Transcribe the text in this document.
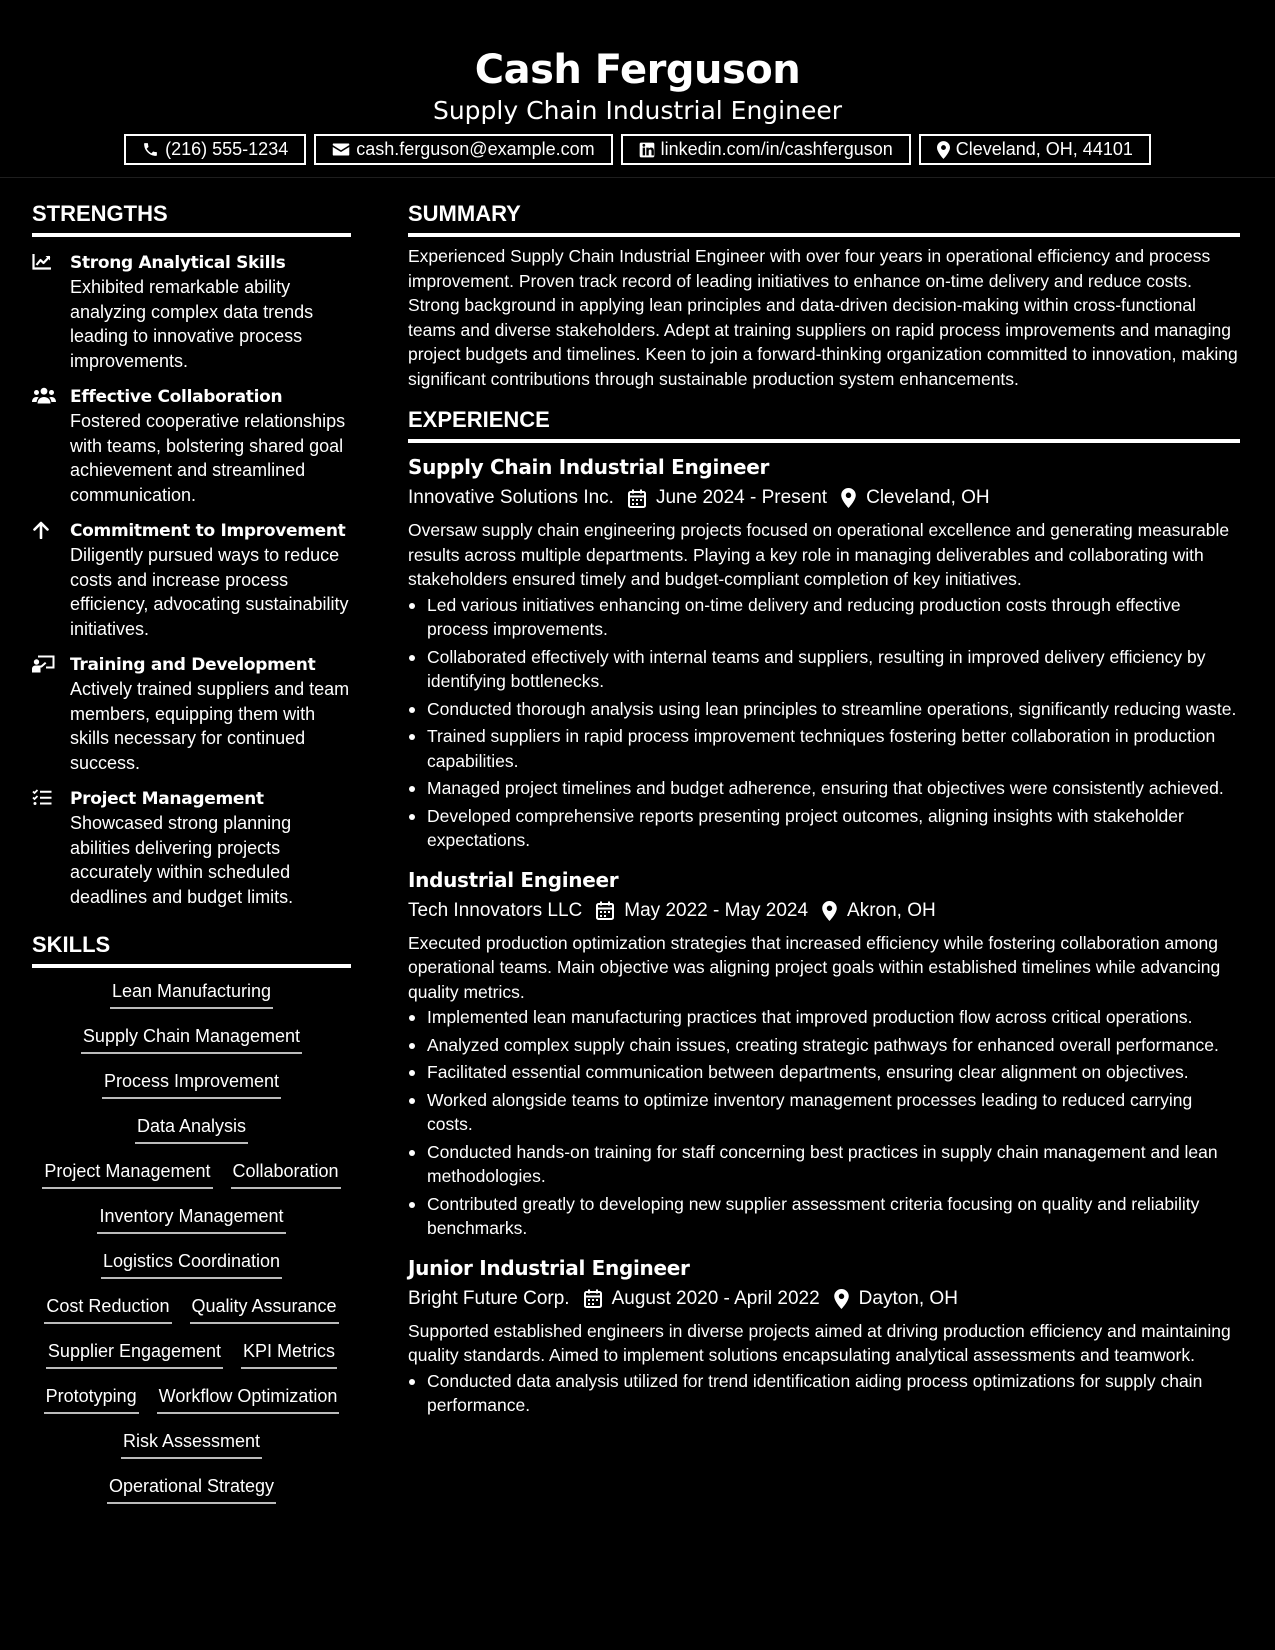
Cash Ferguson
Supply Chain Industrial Engineer
(216) 555-1234	cash.ferguson@example.com	linkedin.com/in/cashferguson	Cleveland, OH, 44101
STRENGTHS
Strong Analytical Skills
Exhibited remarkable ability analyzing complex data trends leading to innovative process improvements.
Effective Collaboration
Fostered cooperative relationships with teams, bolstering shared goal achievement and streamlined communication.
Commitment to Improvement
Diligently pursued ways to reduce costs and increase process efficiency, advocating sustainability initiatives.
Training and Development
Actively trained suppliers and team members, equipping them with skills necessary for continued success.
Project Management
Showcased strong planning abilities delivering projects accurately within scheduled deadlines and budget limits.
SKILLS
Lean Manufacturing
Supply Chain Management
Process Improvement
Data Analysis
Project Management Collaboration
Inventory Management
Logistics Coordination
Cost Reduction Quality Assurance
Supplier Engagement KPI Metrics
Prototyping Workflow Optimization
Risk Assessment
Operational Strategy
SUMMARY
Experienced Supply Chain Industrial Engineer with over four years in operational efficiency and process improvement. Proven track record of leading initiatives to enhance on-time delivery and reduce costs. Strong background in applying lean principles and data-driven decision-making within cross-functional teams and diverse stakeholders. Adept at training suppliers on rapid process improvements and managing project budgets and timelines. Keen to join a forward-thinking organization committed to innovation, making significant contributions through sustainable production system enhancements.
EXPERIENCE
Supply Chain Industrial Engineer
Innovative Solutions Inc. June 2024 - Present Cleveland, OH
Oversaw supply chain engineering projects focused on operational excellence and generating measurable results across multiple departments. Playing a key role in managing deliverables and collaborating with stakeholders ensured timely and budget-compliant completion of key initiatives.
Led various initiatives enhancing on-time delivery and reducing production costs through effective process improvements.
Collaborated effectively with internal teams and suppliers, resulting in improved delivery efficiency by identifying bottlenecks.
Conducted thorough analysis using lean principles to streamline operations, significantly reducing waste.
Trained suppliers in rapid process improvement techniques fostering better collaboration in production capabilities.
Managed project timelines and budget adherence, ensuring that objectives were consistently achieved.
Developed comprehensive reports presenting project outcomes, aligning insights with stakeholder expectations.
Industrial Engineer
Tech Innovators LLC May 2022 - May 2024 Akron, OH
Executed production optimization strategies that increased efficiency while fostering collaboration among operational teams. Main objective was aligning project goals within established timelines while advancing quality metrics.
Implemented lean manufacturing practices that improved production flow across critical operations.
Analyzed complex supply chain issues, creating strategic pathways for enhanced overall performance.
Facilitated essential communication between departments, ensuring clear alignment on objectives.
Worked alongside teams to optimize inventory management processes leading to reduced carrying costs.
Conducted hands-on training for staff concerning best practices in supply chain management and lean methodologies.
Contributed greatly to developing new supplier assessment criteria focusing on quality and reliability benchmarks.
Junior Industrial Engineer
Bright Future Corp. August 2020 - April 2022 Dayton, OH
Supported established engineers in diverse projects aimed at driving production efficiency and maintaining quality standards. Aimed to implement solutions encapsulating analytical assessments and teamwork.
Conducted data analysis utilized for trend identification aiding process optimizations for supply chain performance.
